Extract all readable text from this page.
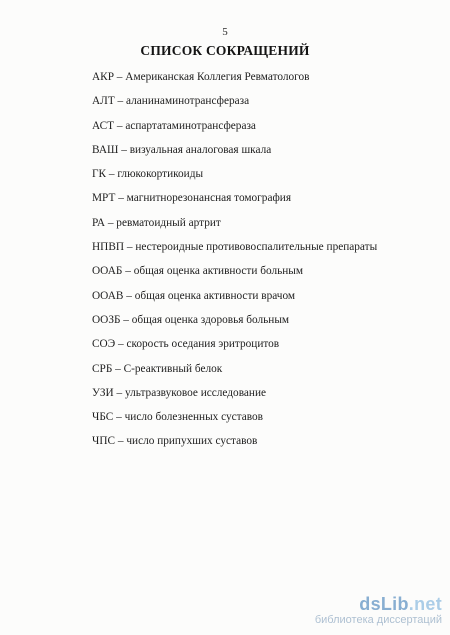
5
СПИСОК СОКРАЩЕНИЙ
АКР – Американская Коллегия Ревматологов
АЛТ – аланинаминотрансфераза
АСТ – аспартатаминотрансфераза
ВАШ – визуальная аналоговая шкала
ГК – глюкокортикоиды
МРТ – магнитнорезонансная томография
РА – ревматоидный артрит
НПВП – нестероидные противовоспалительные препараты
ООАБ – общая оценка активности больным
ООАВ – общая оценка активности врачом
ООЗБ – общая оценка здоровья больным
СОЭ – скорость оседания эритроцитов
СРБ – С-реактивный белок
УЗИ – ультразвуковое исследование
ЧБС – число болезненных суставов
ЧПС – число припухших суставов
dsLib.net
библиотека диссертаций
